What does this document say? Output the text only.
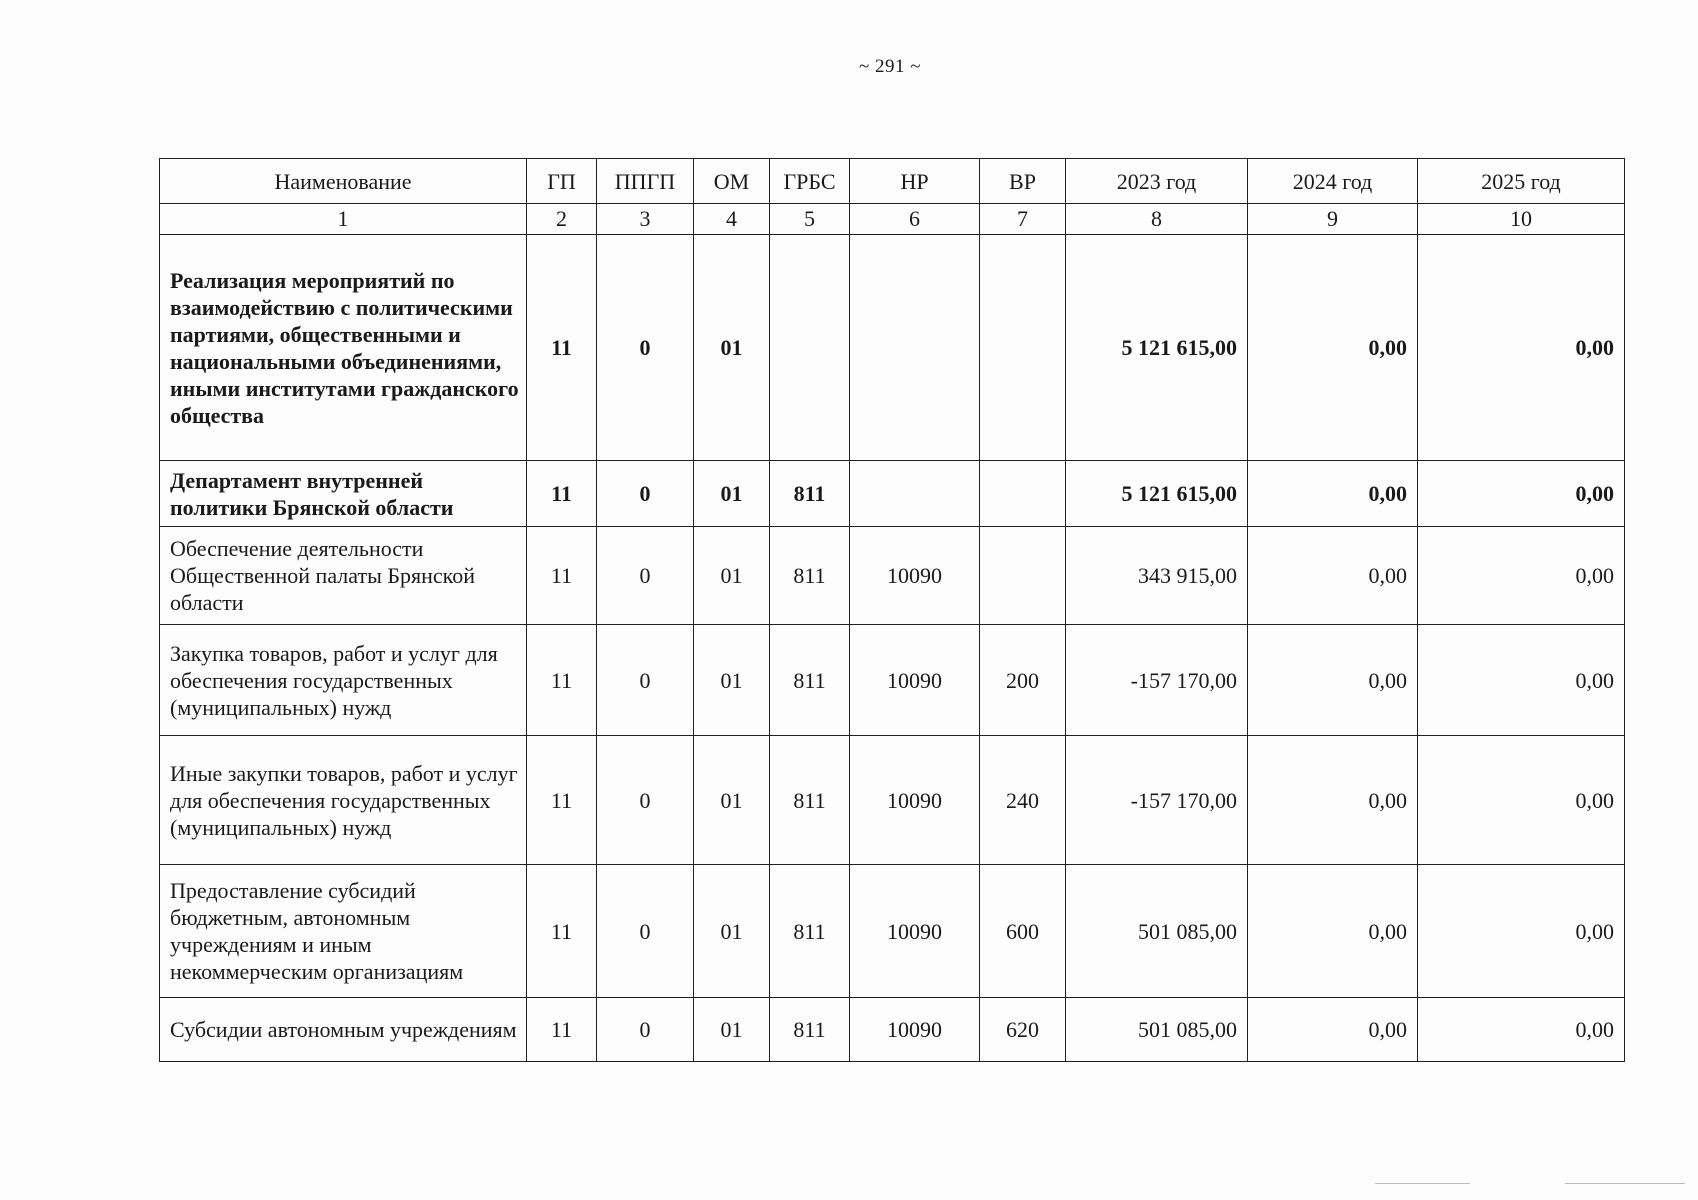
~ 291 ~
Наименование	ГП	ППГП	ОМ	ГРБС	НР	ВР	2023 год	2024 год	2025 год
1	2	3	4	5	6	7	8	9	10
Реализация мероприятий по взаимодействию с политическими партиями, общественными и национальными объединениями, иными институтами гражданского общества	11	0	01				5 121 615,00	0,00	0,00
Департамент внутренней политики Брянской области	11	0	01	811			5 121 615,00	0,00	0,00
Обеспечение деятельности Общественной палаты Брянской области	11	0	01	811	10090		343 915,00	0,00	0,00
Закупка товаров, работ и услуг для обеспечения государственных (муниципальных) нужд	11	0	01	811	10090	200	-157 170,00	0,00	0,00
Иные закупки товаров, работ и услуг для обеспечения государственных (муниципальных) нужд	11	0	01	811	10090	240	-157 170,00	0,00	0,00
Предоставление субсидий бюджетным, автономным учреждениям и иным некоммерческим организациям	11	0	01	811	10090	600	501 085,00	0,00	0,00
Субсидии автономным учреждениям	11	0	01	811	10090	620	501 085,00	0,00	0,00
